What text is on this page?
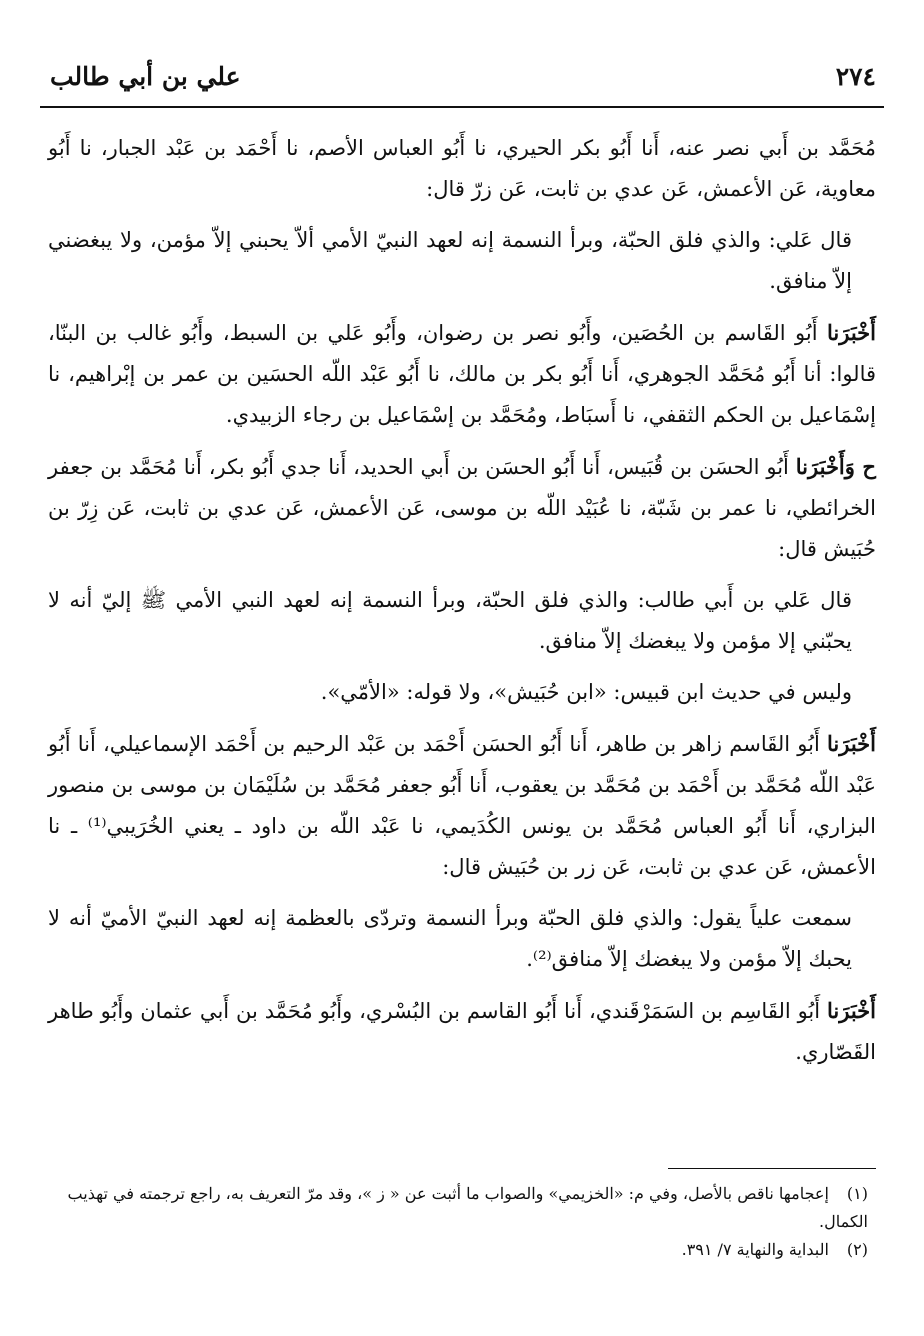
٢٧٤
علي بن أبي طالب

مُحَمَّد بن أَبي نصر عنه، أَنا أَبُو بكر الحيري، نا أَبُو العباس الأصم، نا أَحْمَد بن عَبْد الجبار، نا أَبُو معاوية، عَن الأعمش، عَن عدي بن ثابت، عَن زرّ قال:

قال عَلي: والذي فلق الحبّة، وبرأ النسمة إنه لعهد النبيّ الأمي ألاّ يحبني إلاّ مؤمن، ولا يبغضني إلاّ منافق.

أَخْبَرَنا أَبُو القَاسم بن الحُصَين، وأَبُو نصر بن رضوان، وأَبُو عَلي بن السبط، وأَبُو غالب بن البنّا، قالوا: أنا أَبُو مُحَمَّد الجوهري، أَنا أَبُو بكر بن مالك، نا أَبُو عَبْد اللّه الحسَين بن عمر بن إبْراهيم، نا إسْمَاعيل بن الحكم الثقفي، نا أَسبَاط، ومُحَمَّد بن إسْمَاعيل بن رجاء الزبيدي.

ح وَأَخْبَرَنا أَبُو الحسَن بن قُبَيس، أَنا أَبُو الحسَن بن أَبي الحديد، أَنا جدي أَبُو بكر، أَنا مُحَمَّد بن جعفر الخرائطي، نا عمر بن شَبّة، نا عُبَيْد اللّه بن موسى، عَن الأعمش، عَن عدي بن ثابت، عَن زِرّ بن حُبَيش قال:

قال عَلي بن أَبي طالب: والذي فلق الحبّة، وبرأ النسمة إنه لعهد النبي الأمي ﷺ إليّ أنه لا يحبّني إلا مؤمن ولا يبغضك إلاّ منافق.

وليس في حديث ابن قبيس: «ابن حُبَيش»، ولا قوله: «الأمّي».

أَخْبَرَنا أَبُو القَاسم زاهر بن طاهر، أَنا أَبُو الحسَن أَحْمَد بن عَبْد الرحيم بن أَحْمَد الإسماعيلي، أَنا أَبُو عَبْد اللّه مُحَمَّد بن أَحْمَد بن مُحَمَّد بن يعقوب، أَنا أَبُو جعفر مُحَمَّد بن سُلَيْمَان بن موسى بن منصور البزاري، أَنا أَبُو العباس مُحَمَّد بن يونس الكُدَيمي، نا عَبْد اللّه بن داود ـ يعني الخُرَيبي⁽¹⁾ ـ نا الأعمش، عَن عدي بن ثابت، عَن زر بن حُبَيش قال:

سمعت علياً يقول: والذي فلق الحبّة وبرأ النسمة وتردّى بالعظمة إنه لعهد النبيّ الأميّ أنه لا يحبك إلاّ مؤمن ولا يبغضك إلاّ منافق⁽²⁾.

أَخْبَرَنا أَبُو القَاسِم بن السَمَرْقَندي، أَنا أَبُو القاسم بن البُسْري، وأَبُو مُحَمَّد بن أَبي عثمان وأَبُو طاهر القَصّاري.

(١) إعجامها ناقص بالأصل، وفي م: «الخزيمي» والصواب ما أثبت عن « ز »، وقد مرّ التعريف به، راجع ترجمته في تهذيب الكمال.

(٢) البداية والنهاية ٧/ ٣٩١.
